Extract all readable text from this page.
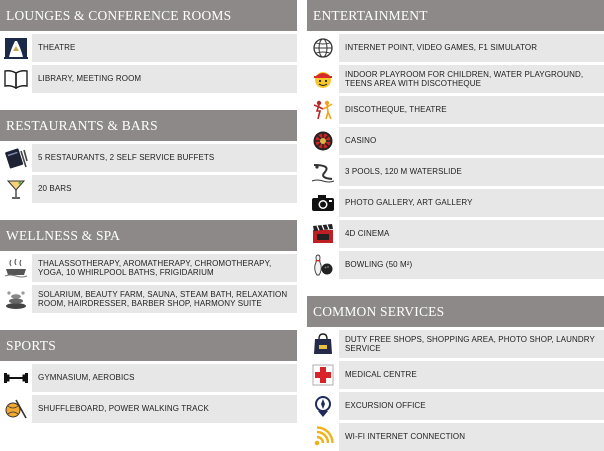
LOUNGES & CONFERENCE ROOMS
THEATRE
LIBRARY, MEETING ROOM
RESTAURANTS & BARS
5 RESTAURANTS, 2 SELF SERVICE BUFFETS
20 BARS
WELLNESS & SPA
THALASSOTHERAPY, AROMATHERAPY, CHROMOTHERAPY, YOGA, 10 WHIRLPOOL BATHS, FRIGIDARIUM
SOLARIUM, BEAUTY FARM, SAUNA, STEAM BATH, RELAXATION ROOM, HAIRDRESSER, BARBER SHOP, HARMONY SUITE
SPORTS
GYMNASIUM, AEROBICS
SHUFFLEBOARD, POWER WALKING TRACK
ENTERTAINMENT
INTERNET POINT, VIDEO GAMES, F1 SIMULATOR
INDOOR PLAYROOM FOR CHILDREN, WATER PLAYGROUND, TEENS AREA WITH DISCOTHEQUE
DISCOTHEQUE, THEATRE
CASINO
3 POOLS, 120 M WATERSLIDE
PHOTO GALLERY, ART GALLERY
4D CINEMA
BOWLING (50 M²)
COMMON SERVICES
DUTY FREE SHOPS, SHOPPING AREA, PHOTO SHOP, LAUNDRY SERVICE
MEDICAL CENTRE
EXCURSION OFFICE
WI-FI INTERNET CONNECTION
